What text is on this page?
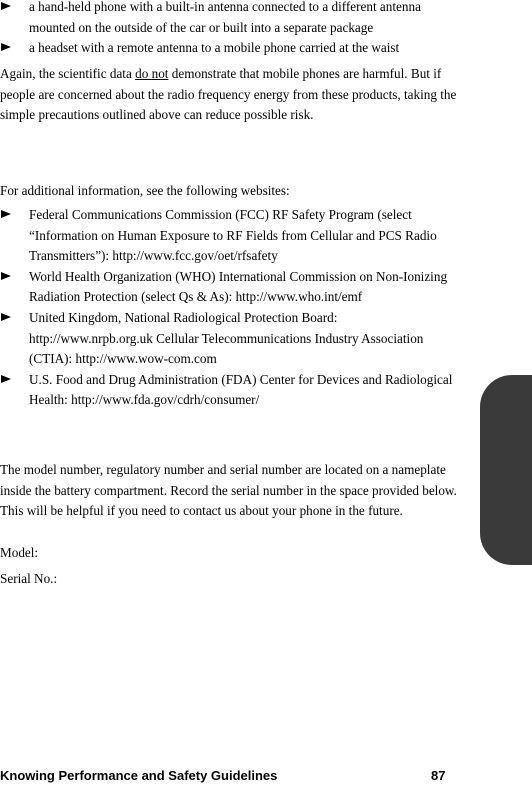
a hand-held phone with a built-in antenna connected to a different antenna mounted on the outside of the car or built into a separate package
a headset with a remote antenna to a mobile phone carried at the waist

Again, the scientific data do not demonstrate that mobile phones are harmful. But if people are concerned about the radio frequency energy from these products, taking the simple precautions outlined above can reduce possible risk.

For additional information, see the following websites:

Federal Communications Commission (FCC) RF Safety Program (select “Information on Human Exposure to RF Fields from Cellular and PCS Radio Transmitters”): http://www.fcc.gov/oet/rfsafety
World Health Organization (WHO) International Commission on Non-Ionizing Radiation Protection (select Qs & As): http://www.who.int/emf
United Kingdom, National Radiological Protection Board: http://www.nrpb.org.uk Cellular Telecommunications Industry Association (CTIA): http://www.wow-com.com
U.S. Food and Drug Administration (FDA) Center for Devices and Radiological Health: http://www.fda.gov/cdrh/consumer/

The model number, regulatory number and serial number are located on a nameplate inside the battery compartment. Record the serial number in the space provided below. This will be helpful if you need to contact us about your phone in the future.

Model:

Serial No.:

Knowing Performance and Safety Guidelines	87
